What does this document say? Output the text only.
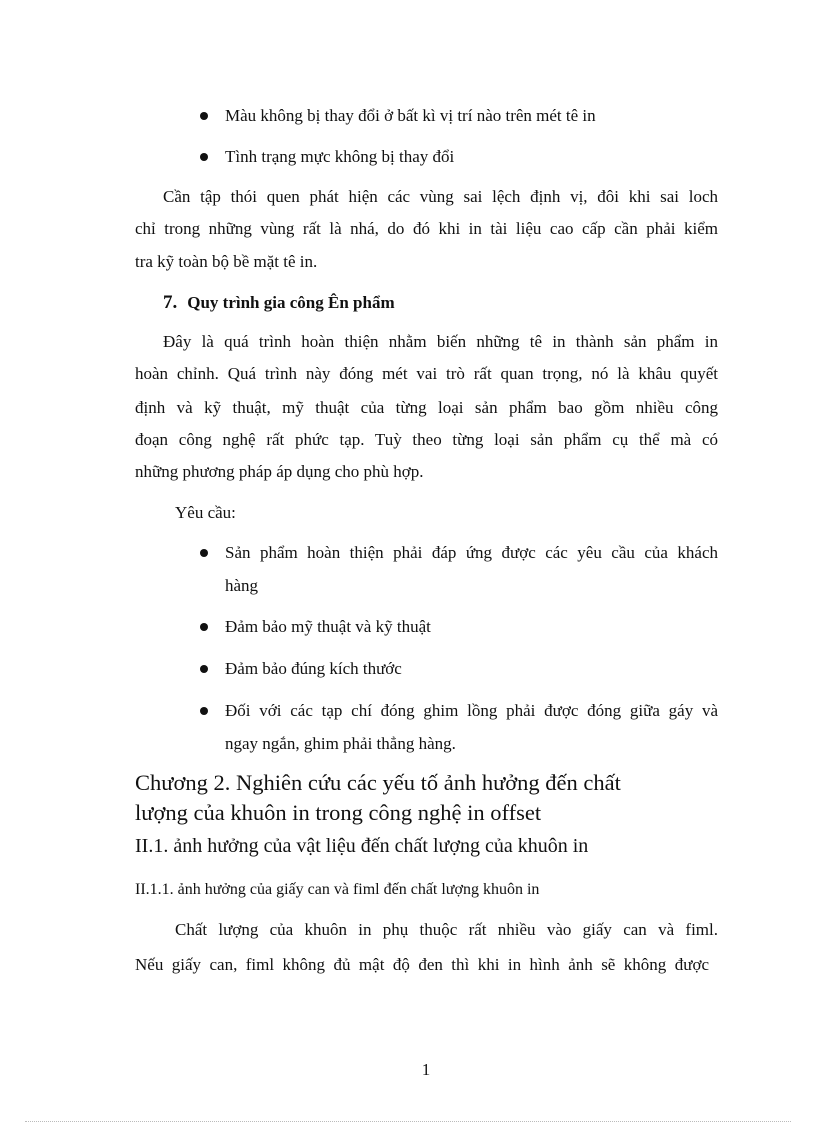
Màu không bị thay đổi ở bất kì vị trí nào trên mét tê in
Tình trạng mực không bị thay đổi
Cần tập thói quen phát hiện các vùng sai lệch định vị, đôi khi sai loch
chỉ trong những vùng rất là nhá, do đó khi in tài liệu cao cấp cần phải kiểm
tra kỹ toàn bộ bề mặt tê in.
7. Quy trình gia công Ên phẩm
Đây là quá trình hoàn thiện nhằm biến những tê in thành sản phẩm in
hoàn chỉnh. Quá trình này đóng mét vai trò rất quan trọng, nó là khâu quyết
định và kỹ thuật, mỹ thuật của từng loại sản phẩm bao gồm nhiều công
đoạn công nghệ rất phức tạp. Tuỳ theo từng loại sản phẩm cụ thể mà có
những phương pháp áp dụng cho phù hợp.
Yêu cầu:
Sản phẩm hoàn thiện phải đáp ứng được các yêu cầu của khách
hàng
Đảm bảo mỹ thuật và kỹ thuật
Đảm bảo đúng kích thước
Đối với các tạp chí đóng ghim lồng phải được đóng giữa gáy và
ngay ngắn, ghim phải thẳng hàng.
Chương 2. Nghiên cứu các yếu tố ảnh hưởng đến chất
lượng của khuôn in trong công nghệ in offset
II.1. ảnh hưởng của vật liệu đến chất lượng của khuôn in
II.1.1. ảnh hưởng của giấy can và fiml đến chất lượng khuôn in
Chất lượng của khuôn in phụ thuộc rất nhiều vào giấy can và fiml.
Nếu giấy can, fiml không đủ mật độ đen thì khi in hình ảnh sẽ không được
1
